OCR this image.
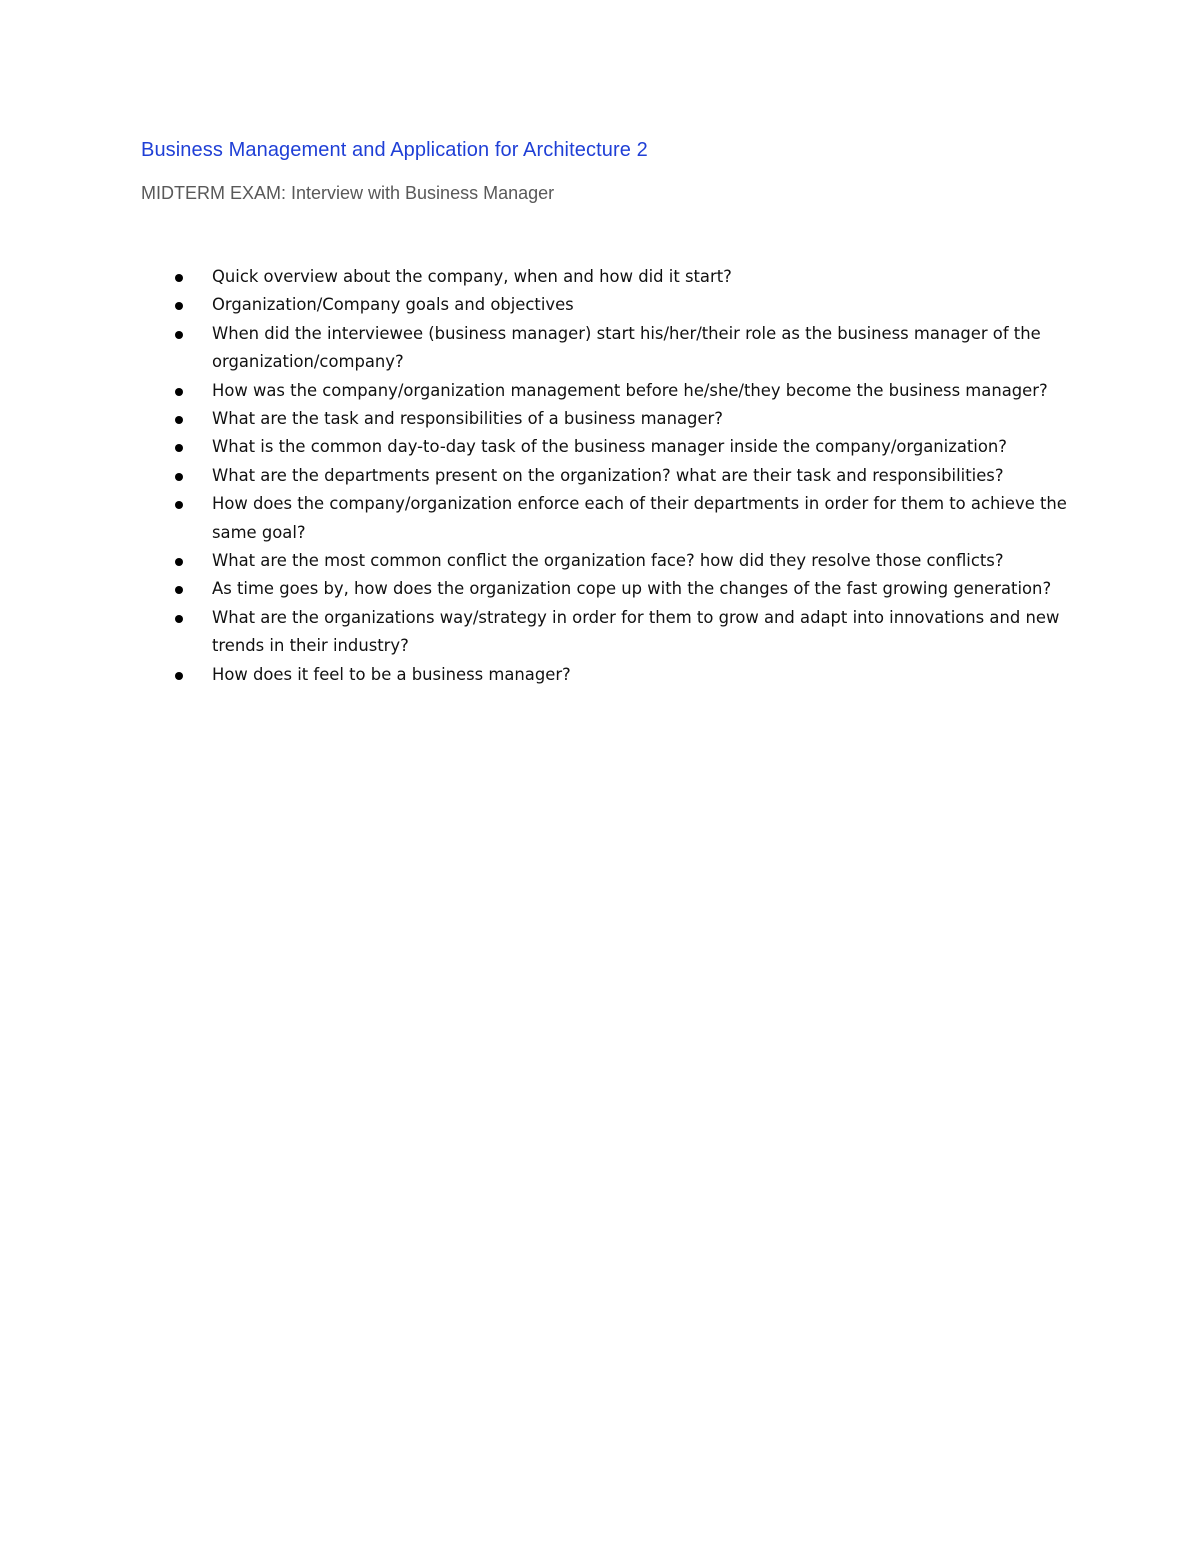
Business Management and Application for Architecture 2
MIDTERM EXAM: Interview with Business Manager
Quick overview about the company, when and how did it start?
Organization/Company goals and objectives
When did the interviewee (business manager) start his/her/their role as the business manager of the organization/company?
How was the company/organization management before he/she/they become the business manager?
What are the task and responsibilities of a business manager?
What is the common day-to-day task of the business manager inside the company/organization?
What are the departments present on the organization? what are their task and responsibilities?
How does the company/organization enforce each of their departments in order for them to achieve the same goal?
What are the most common conflict the organization face? how did they resolve those conflicts?
As time goes by, how does the organization cope up with the changes of the fast growing generation?
What are the organizations way/strategy in order for them to grow and adapt into innovations and new trends in their industry?
How does it feel to be a business manager?
